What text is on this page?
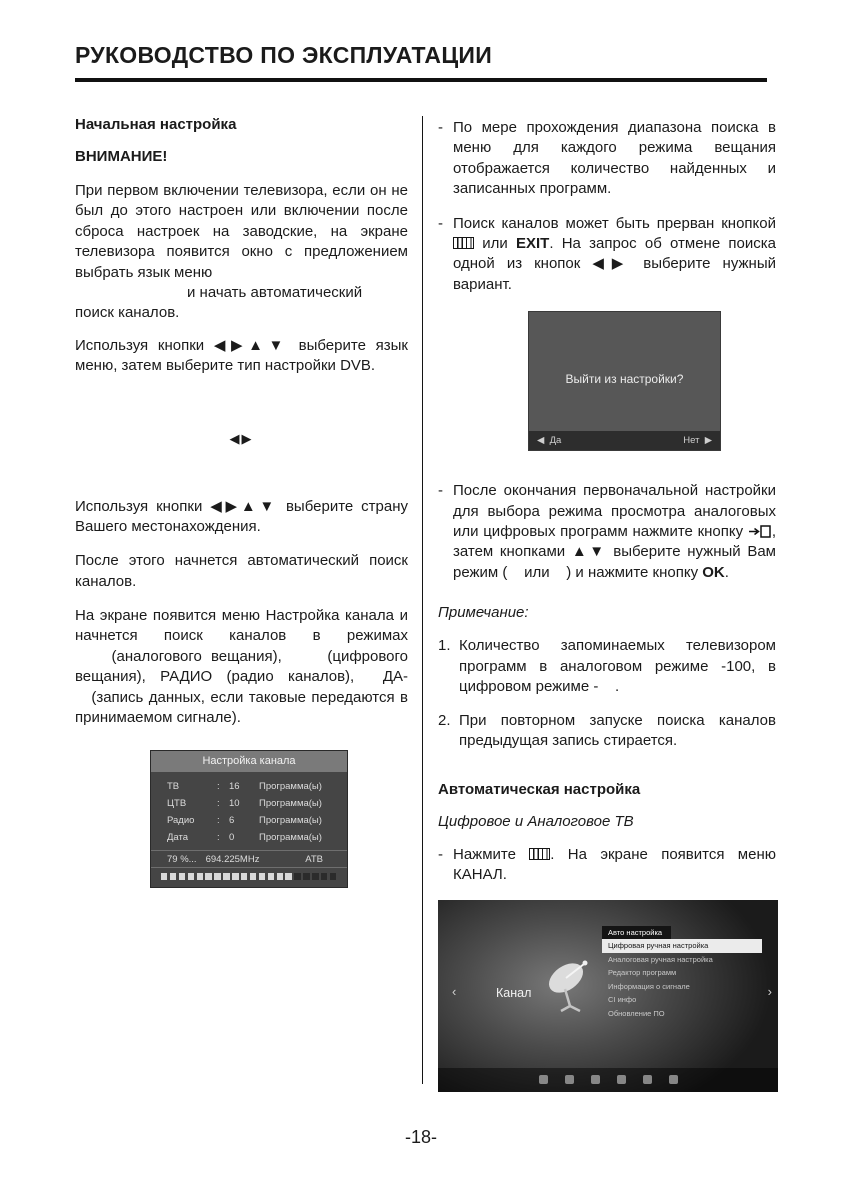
РУКОВОДСТВО ПО ЭКСПЛУАТАЦИИ
Начальная настройка
ВНИМАНИЕ!

При первом включении телевизора, если он не был до этого настроен или включении после сброса настроек на заводские, на экране телевизора появится окно с предложением выбрать язык меню

и начать автоматический

поиск каналов.

Используя кнопки ◀▶▲▼ выберите язык меню, затем выберите тип настройки DVB.

◀▶

Используя кнопки ◀▶▲▼ выберите страну Вашего местонахождения.

После этого начнется автоматический поиск каналов.

На экране появится меню Настройка канала и начнется поиск каналов в режимах     (аналогового вещания),     (цифрового вещания), РАДИО (радио каналов),  ДА-    (запись данных, если таковые передаются в принимаемом сигнале).

Настройка канала
ТВ	: 16	Программа(ы)
ЦТВ	: 10	Программа(ы)
Радио	: 6	Программа(ы)
Дата	: 0	Программа(ы)
79 %... 694.225MHz	АТВ
- По мере прохождения диапазона поиска в меню для каждого режима вещания отображается количество найденных и записанных программ.
- Поиск каналов может быть прерван кнопкой  или EXIT. На запрос об отмене поиска одной из кнопок ◀▶ выберите нужный вариант.
Выйти из настройки?
◀  Да	Нет  ▶
- После окончания первоначальной настройки для выбора режима просмотра аналоговых или цифровых программ нажмите кнопку , затем кнопками ▲▼ выберите нужный Вам режим (    или    ) и нажмите кнопку OK.

Примечание:

1. Количество запоминаемых телевизором программ в аналоговом режиме -100, в цифровом режиме -    .
2. При повторном запуске поиска каналов предыдущая запись стирается.
Автоматическая настройка

Цифровое и Аналоговое ТВ

- Нажмите . На экране появится меню КАНАЛ.
‹	Канал
Авто настройка
Цифровая ручная настройка
Аналоговая ручная настройка
Редактор программ
Информация о сигнале
CI инфо
Обновление ПО
›
-18-
